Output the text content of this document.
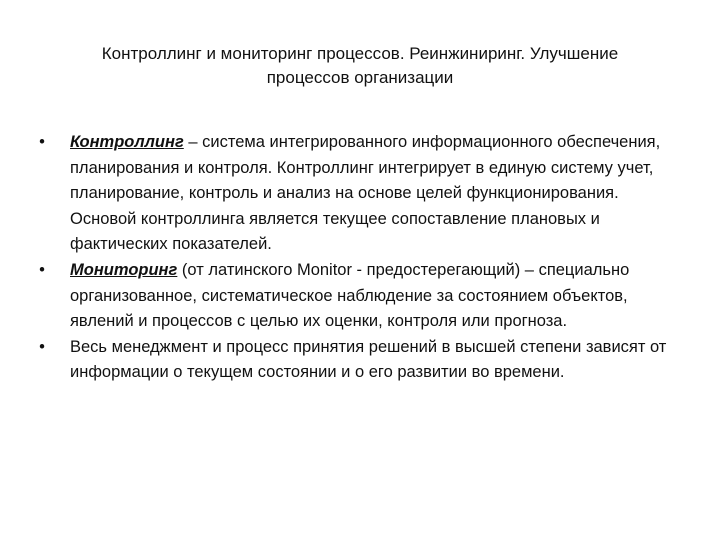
Контроллинг и мониторинг процессов. Реинжиниринг. Улучшение
процессов организации
• Контроллинг – система интегрированного информационного обеспечения, планирования и контроля. Контроллинг интегрирует в единую систему учет, планирование, контроль и анализ на основе целей функционирования. Основой контроллинга является текущее сопоставление плановых и фактических показателей.
• Мониторинг (от латинского Monitor - предостерегающий) – специально организованное, систематическое наблюдение за состоянием объектов, явлений и процессов с целью их оценки, контроля или прогноза.
• Весь менеджмент и процесс принятия решений в высшей степени зависят от информации о текущем состоянии и о его развитии во времени.
